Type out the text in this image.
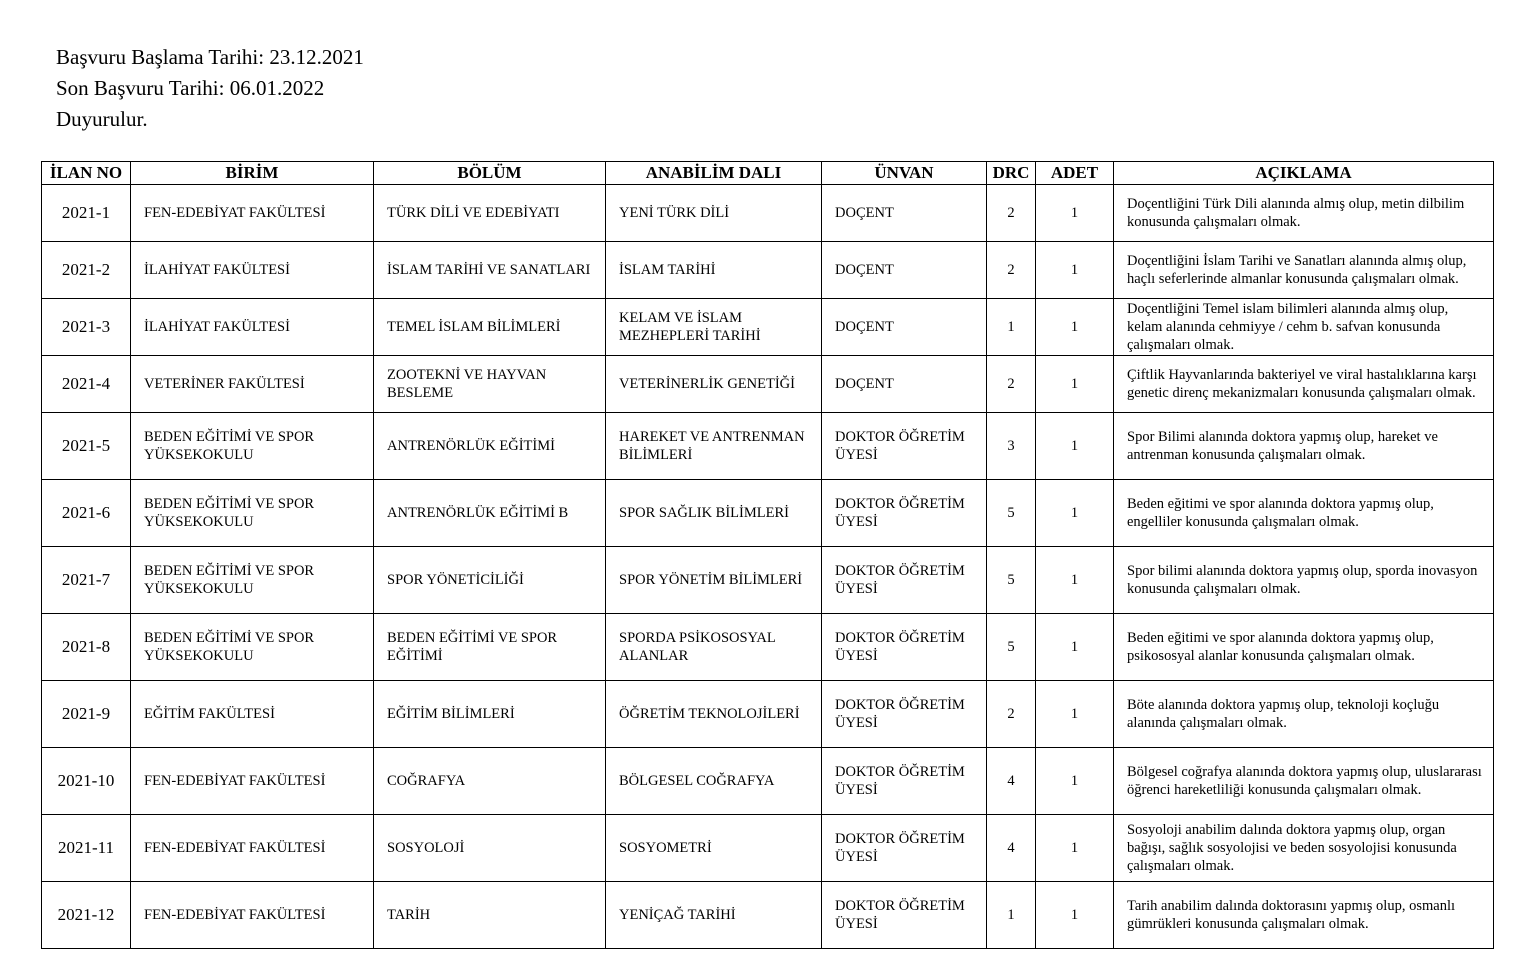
Başvuru Başlama Tarihi: 23.12.2021
Son Başvuru Tarihi: 06.01.2022
Duyurulur.
İLAN NO	BİRİM	BÖLÜM	ANABİLİM DALI	ÜNVAN	DRC	ADET	AÇIKLAMA
2021-1	FEN-EDEBİYAT FAKÜLTESİ	TÜRK DİLİ VE EDEBİYATI	YENİ TÜRK DİLİ	DOÇENT	2	1	Doçentliğini Türk Dili alanında almış olup, metin dilbilim konusunda çalışmaları olmak.
2021-2	İLAHİYAT FAKÜLTESİ	İSLAM TARİHİ VE SANATLARI	İSLAM TARİHİ	DOÇENT	2	1	Doçentliğini İslam Tarihi ve Sanatları alanında almış olup, haçlı seferlerinde almanlar konusunda çalışmaları olmak.
2021-3	İLAHİYAT FAKÜLTESİ	TEMEL İSLAM BİLİMLERİ	KELAM VE İSLAM MEZHEPLERİ TARİHİ	DOÇENT	1	1	Doçentliğini Temel islam bilimleri alanında almış olup, kelam alanında cehmiyye / cehm b. safvan konusunda çalışmaları olmak.
2021-4	VETERİNER FAKÜLTESİ	ZOOTEKNİ VE HAYVAN BESLEME	VETERİNERLİK GENETİĞİ	DOÇENT	2	1	Çiftlik Hayvanlarında bakteriyel ve viral hastalıklarına karşı genetic direnç mekanizmaları konusunda çalışmaları olmak.
2021-5	BEDEN EĞİTİMİ VE SPOR YÜKSEKOKULU	ANTRENÖRLÜK EĞİTİMİ	HAREKET VE ANTRENMAN BİLİMLERİ	DOKTOR ÖĞRETİM ÜYESİ	3	1	Spor Bilimi alanında doktora yapmış olup, hareket ve antrenman konusunda çalışmaları olmak.
2021-6	BEDEN EĞİTİMİ VE SPOR YÜKSEKOKULU	ANTRENÖRLÜK EĞİTİMİ B	SPOR SAĞLIK BİLİMLERİ	DOKTOR ÖĞRETİM ÜYESİ	5	1	Beden eğitimi ve spor alanında doktora yapmış olup, engelliler konusunda çalışmaları olmak.
2021-7	BEDEN EĞİTİMİ VE SPOR YÜKSEKOKULU	SPOR YÖNETİCİLİĞİ	SPOR YÖNETİM BİLİMLERİ	DOKTOR ÖĞRETİM ÜYESİ	5	1	Spor bilimi alanında doktora yapmış olup, sporda inovasyon konusunda çalışmaları olmak.
2021-8	BEDEN EĞİTİMİ VE SPOR YÜKSEKOKULU	BEDEN EĞİTİMİ VE SPOR EĞİTİMİ	SPORDA PSİKOSOSYAL ALANLAR	DOKTOR ÖĞRETİM ÜYESİ	5	1	Beden eğitimi ve spor alanında doktora yapmış olup, psikososyal alanlar konusunda çalışmaları olmak.
2021-9	EĞİTİM FAKÜLTESİ	EĞİTİM BİLİMLERİ	ÖĞRETİM TEKNOLOJİLERİ	DOKTOR ÖĞRETİM ÜYESİ	2	1	Böte alanında doktora yapmış olup, teknoloji koçluğu alanında çalışmaları olmak.
2021-10	FEN-EDEBİYAT FAKÜLTESİ	COĞRAFYA	BÖLGESEL COĞRAFYA	DOKTOR ÖĞRETİM ÜYESİ	4	1	Bölgesel coğrafya alanında doktora yapmış olup, uluslararası öğrenci hareketliliği konusunda çalışmaları olmak.
2021-11	FEN-EDEBİYAT FAKÜLTESİ	SOSYOLOJİ	SOSYOMETRİ	DOKTOR ÖĞRETİM ÜYESİ	4	1	Sosyoloji anabilim dalında doktora yapmış olup, organ bağışı, sağlık sosyolojisi ve beden sosyolojisi konusunda çalışmaları olmak.
2021-12	FEN-EDEBİYAT FAKÜLTESİ	TARİH	YENİÇAĞ TARİHİ	DOKTOR ÖĞRETİM ÜYESİ	1	1	Tarih anabilim dalında doktorasını yapmış olup, osmanlı gümrükleri konusunda çalışmaları olmak.
